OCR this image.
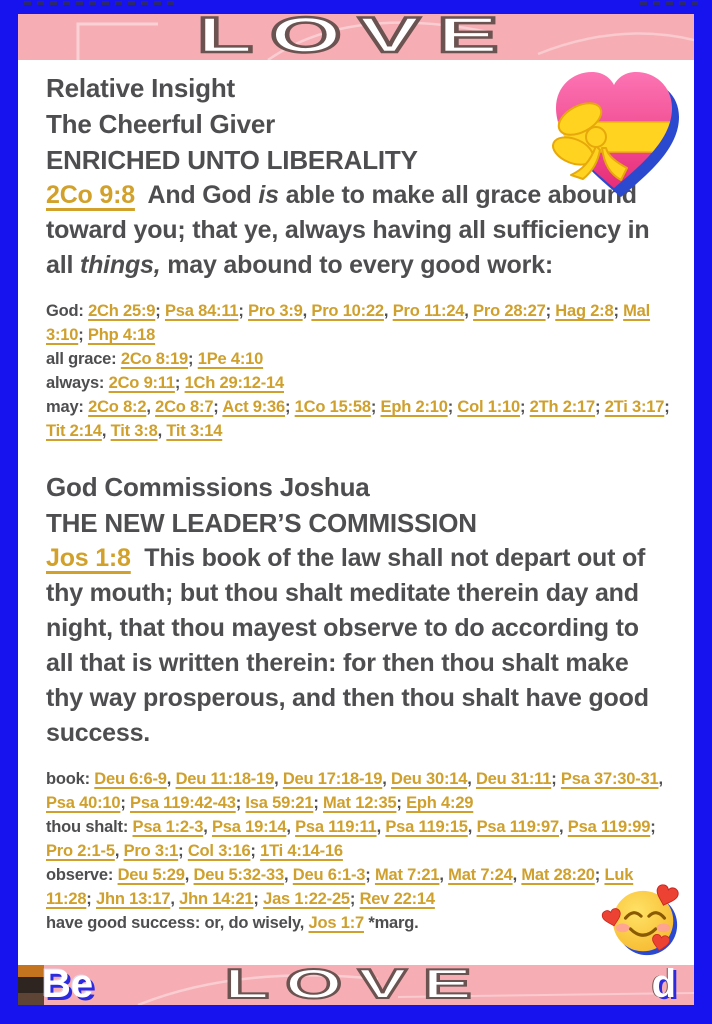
LOVE
Relative Insight
The Cheerful Giver
ENRICHED UNTO LIBERALITY

2Co 9:8 And God is able to make all grace abound toward you; that ye, always having all sufficiency in all things, may abound to every good work:

God: 2Ch 25:9; Psa 84:11; Pro 3:9, Pro 10:22, Pro 11:24, Pro 28:27; Hag 2:8; Mal 3:10; Php 4:18
all grace: 2Co 8:19; 1Pe 4:10
always: 2Co 9:11; 1Ch 29:12-14
may: 2Co 8:2, 2Co 8:7; Act 9:36; 1Co 15:58; Eph 2:10; Col 1:10; 2Th 2:17; 2Ti 3:17; Tit 2:14, Tit 3:8, Tit 3:14
God Commissions Joshua
THE NEW LEADER’S COMMISSION

Jos 1:8 This book of the law shall not depart out of thy mouth; but thou shalt meditate therein day and night, that thou mayest observe to do according to all that is written therein: for then thou shalt make thy way prosperous, and then thou shalt have good success.

book: Deu 6:6-9, Deu 11:18-19, Deu 17:18-19, Deu 30:14, Deu 31:11; Psa 37:30-31, Psa 40:10; Psa 119:42-43; Isa 59:21; Mat 12:35; Eph 4:29
thou shalt: Psa 1:2-3, Psa 19:14, Psa 119:11, Psa 119:15, Psa 119:97, Psa 119:99; Pro 2:1-5, Pro 3:1; Col 3:16; 1Ti 4:14-16
observe: Deu 5:29, Deu 5:32-33, Deu 6:1-3; Mat 7:21, Mat 7:24, Mat 28:20; Luk 11:28; Jhn 13:17, Jhn 14:21; Jas 1:22-25; Rev 22:14
have good success: or, do wisely, Jos 1:7 *marg.
LOVE
Be	d
